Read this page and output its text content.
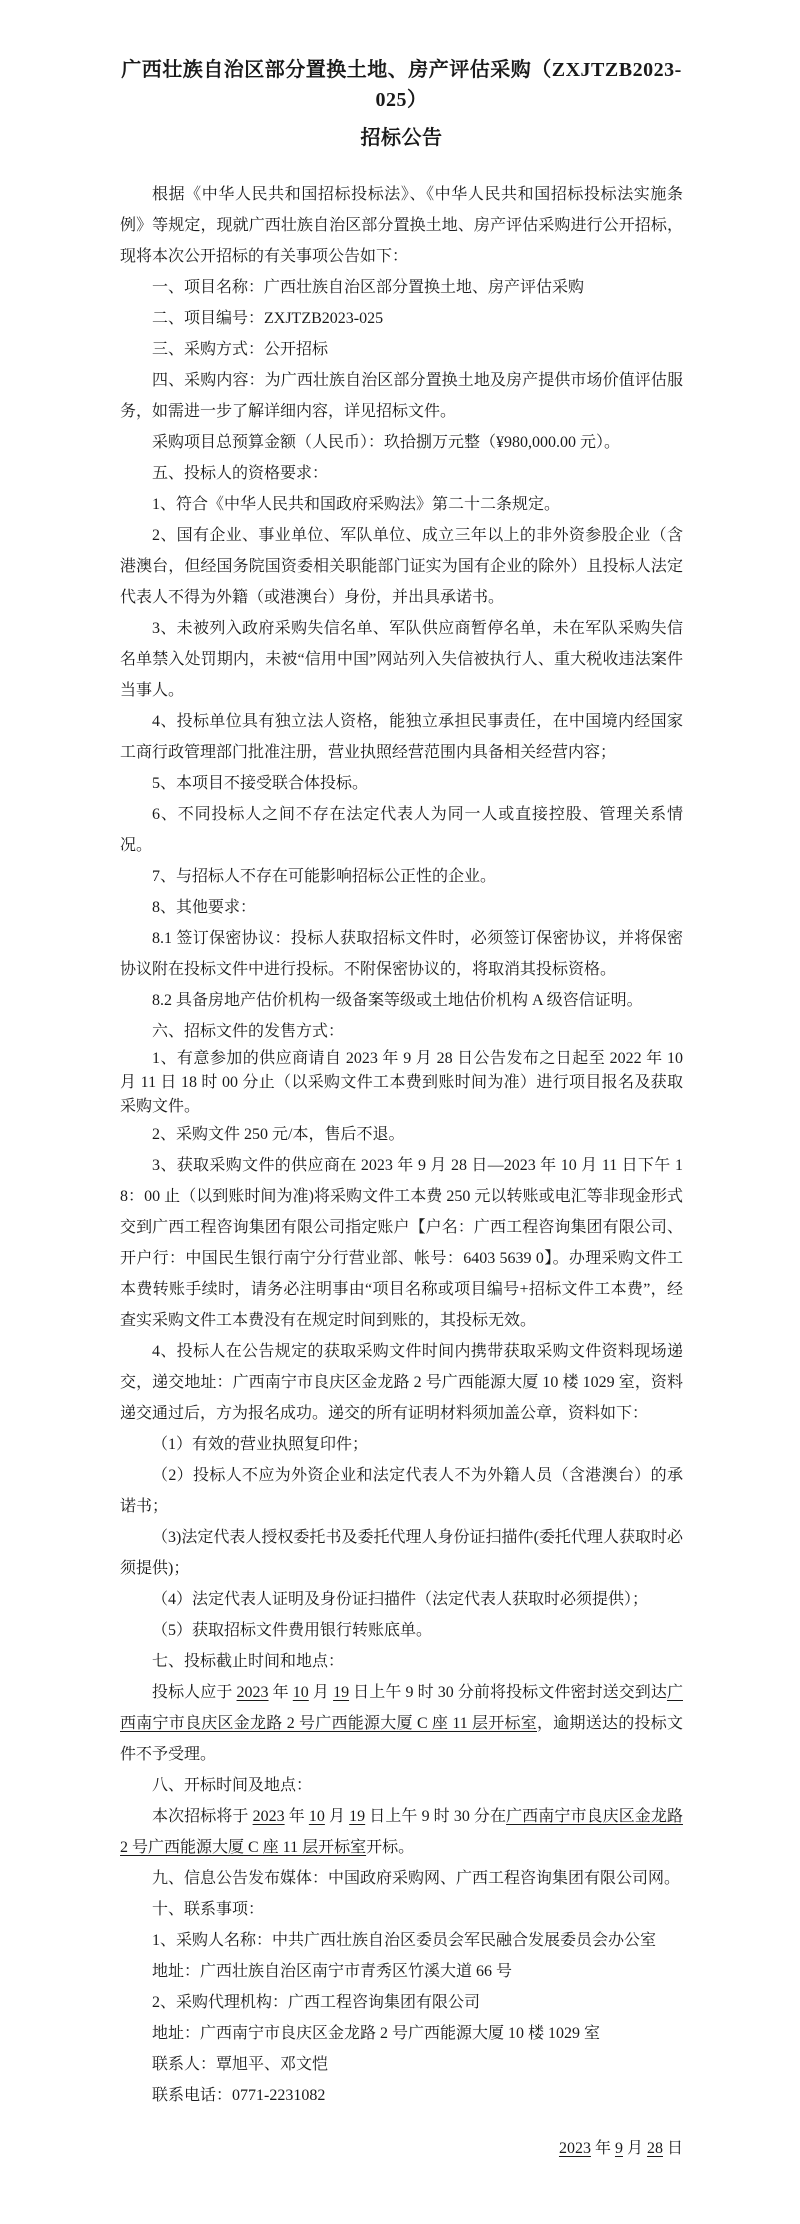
广西壮族自治区部分置换土地、房产评估采购（ZXJTZB2023-025）
招标公告

根据《中华人民共和国招标投标法》、《中华人民共和国招标投标法实施条例》等规定，现就广西壮族自治区部分置换土地、房产评估采购进行公开招标，现将本次公开招标的有关事项公告如下：

一、项目名称：广西壮族自治区部分置换土地、房产评估采购

二、项目编号：ZXJTZB2023-025

三、采购方式：公开招标

四、采购内容：为广西壮族自治区部分置换土地及房产提供市场价值评估服务，如需进一步了解详细内容，详见招标文件。

采购项目总预算金额（人民币）：玖拾捌万元整（¥980,000.00 元）。

五、投标人的资格要求：

1、符合《中华人民共和国政府采购法》第二十二条规定。

2、国有企业、事业单位、军队单位、成立三年以上的非外资参股企业（含港澳台，但经国务院国资委相关职能部门证实为国有企业的除外）且投标人法定代表人不得为外籍（或港澳台）身份，并出具承诺书。

3、未被列入政府采购失信名单、军队供应商暂停名单，未在军队采购失信名单禁入处罚期内，未被“信用中国”网站列入失信被执行人、重大税收违法案件当事人。

4、投标单位具有独立法人资格，能独立承担民事责任，在中国境内经国家工商行政管理部门批准注册，营业执照经营范围内具备相关经营内容；

5、本项目不接受联合体投标。

6、不同投标人之间不存在法定代表人为同一人或直接控股、管理关系情况。

7、与招标人不存在可能影响招标公正性的企业。

8、其他要求：

8.1 签订保密协议：投标人获取招标文件时，必须签订保密协议，并将保密协议附在投标文件中进行投标。不附保密协议的，将取消其投标资格。

8.2 具备房地产估价机构一级备案等级或土地估价机构 A 级咨信证明。

六、招标文件的发售方式：

1、有意参加的供应商请自 2023 年 9 月 28 日公告发布之日起至 2022 年 10 月 11 日 18 时 00 分止（以采购文件工本费到账时间为准）进行项目报名及获取采购文件。

2、采购文件 250 元/本，售后不退。

3、获取采购文件的供应商在 2023 年 9 月 28 日—2023 年 10 月 11 日下午 18：00 止（以到账时间为准)将采购文件工本费 250 元以转账或电汇等非现金形式交到广西工程咨询集团有限公司指定账户【户名：广西工程咨询集团有限公司、开户行：中国民生银行南宁分行营业部、帐号：6403 5639 0】。办理采购文件工本费转账手续时，请务必注明事由“项目名称或项目编号+招标文件工本费”，经查实采购文件工本费没有在规定时间到账的，其投标无效。

4、投标人在公告规定的获取采购文件时间内携带获取采购文件资料现场递交，递交地址：广西南宁市良庆区金龙路 2 号广西能源大厦 10 楼 1029 室，资料递交通过后，方为报名成功。递交的所有证明材料须加盖公章，资料如下：

（1）有效的营业执照复印件；

（2）投标人不应为外资企业和法定代表人不为外籍人员（含港澳台）的承诺书；

（3)法定代表人授权委托书及委托代理人身份证扫描件(委托代理人获取时必须提供)；

（4）法定代表人证明及身份证扫描件（法定代表人获取时必须提供）；

（5）获取招标文件费用银行转账底单。

七、投标截止时间和地点：

投标人应于 2023 年 10 月 19 日上午 9 时 30 分前将投标文件密封送交到达广西南宁市良庆区金龙路 2 号广西能源大厦 C 座 11 层开标室，逾期送达的投标文件不予受理。

八、开标时间及地点：

本次招标将于 2023 年 10 月 19 日上午 9 时 30 分在广西南宁市良庆区金龙路 2 号广西能源大厦 C 座 11 层开标室开标。

九、信息公告发布媒体：中国政府采购网、广西工程咨询集团有限公司网。

十、联系事项：

1、采购人名称：中共广西壮族自治区委员会军民融合发展委员会办公室

地址：广西壮族自治区南宁市青秀区竹溪大道 66 号

2、采购代理机构：广西工程咨询集团有限公司

地址：广西南宁市良庆区金龙路 2 号广西能源大厦 10 楼 1029 室

联系人：覃旭平、邓文恺

联系电话：0771-2231082

2023 年 9 月 28 日
